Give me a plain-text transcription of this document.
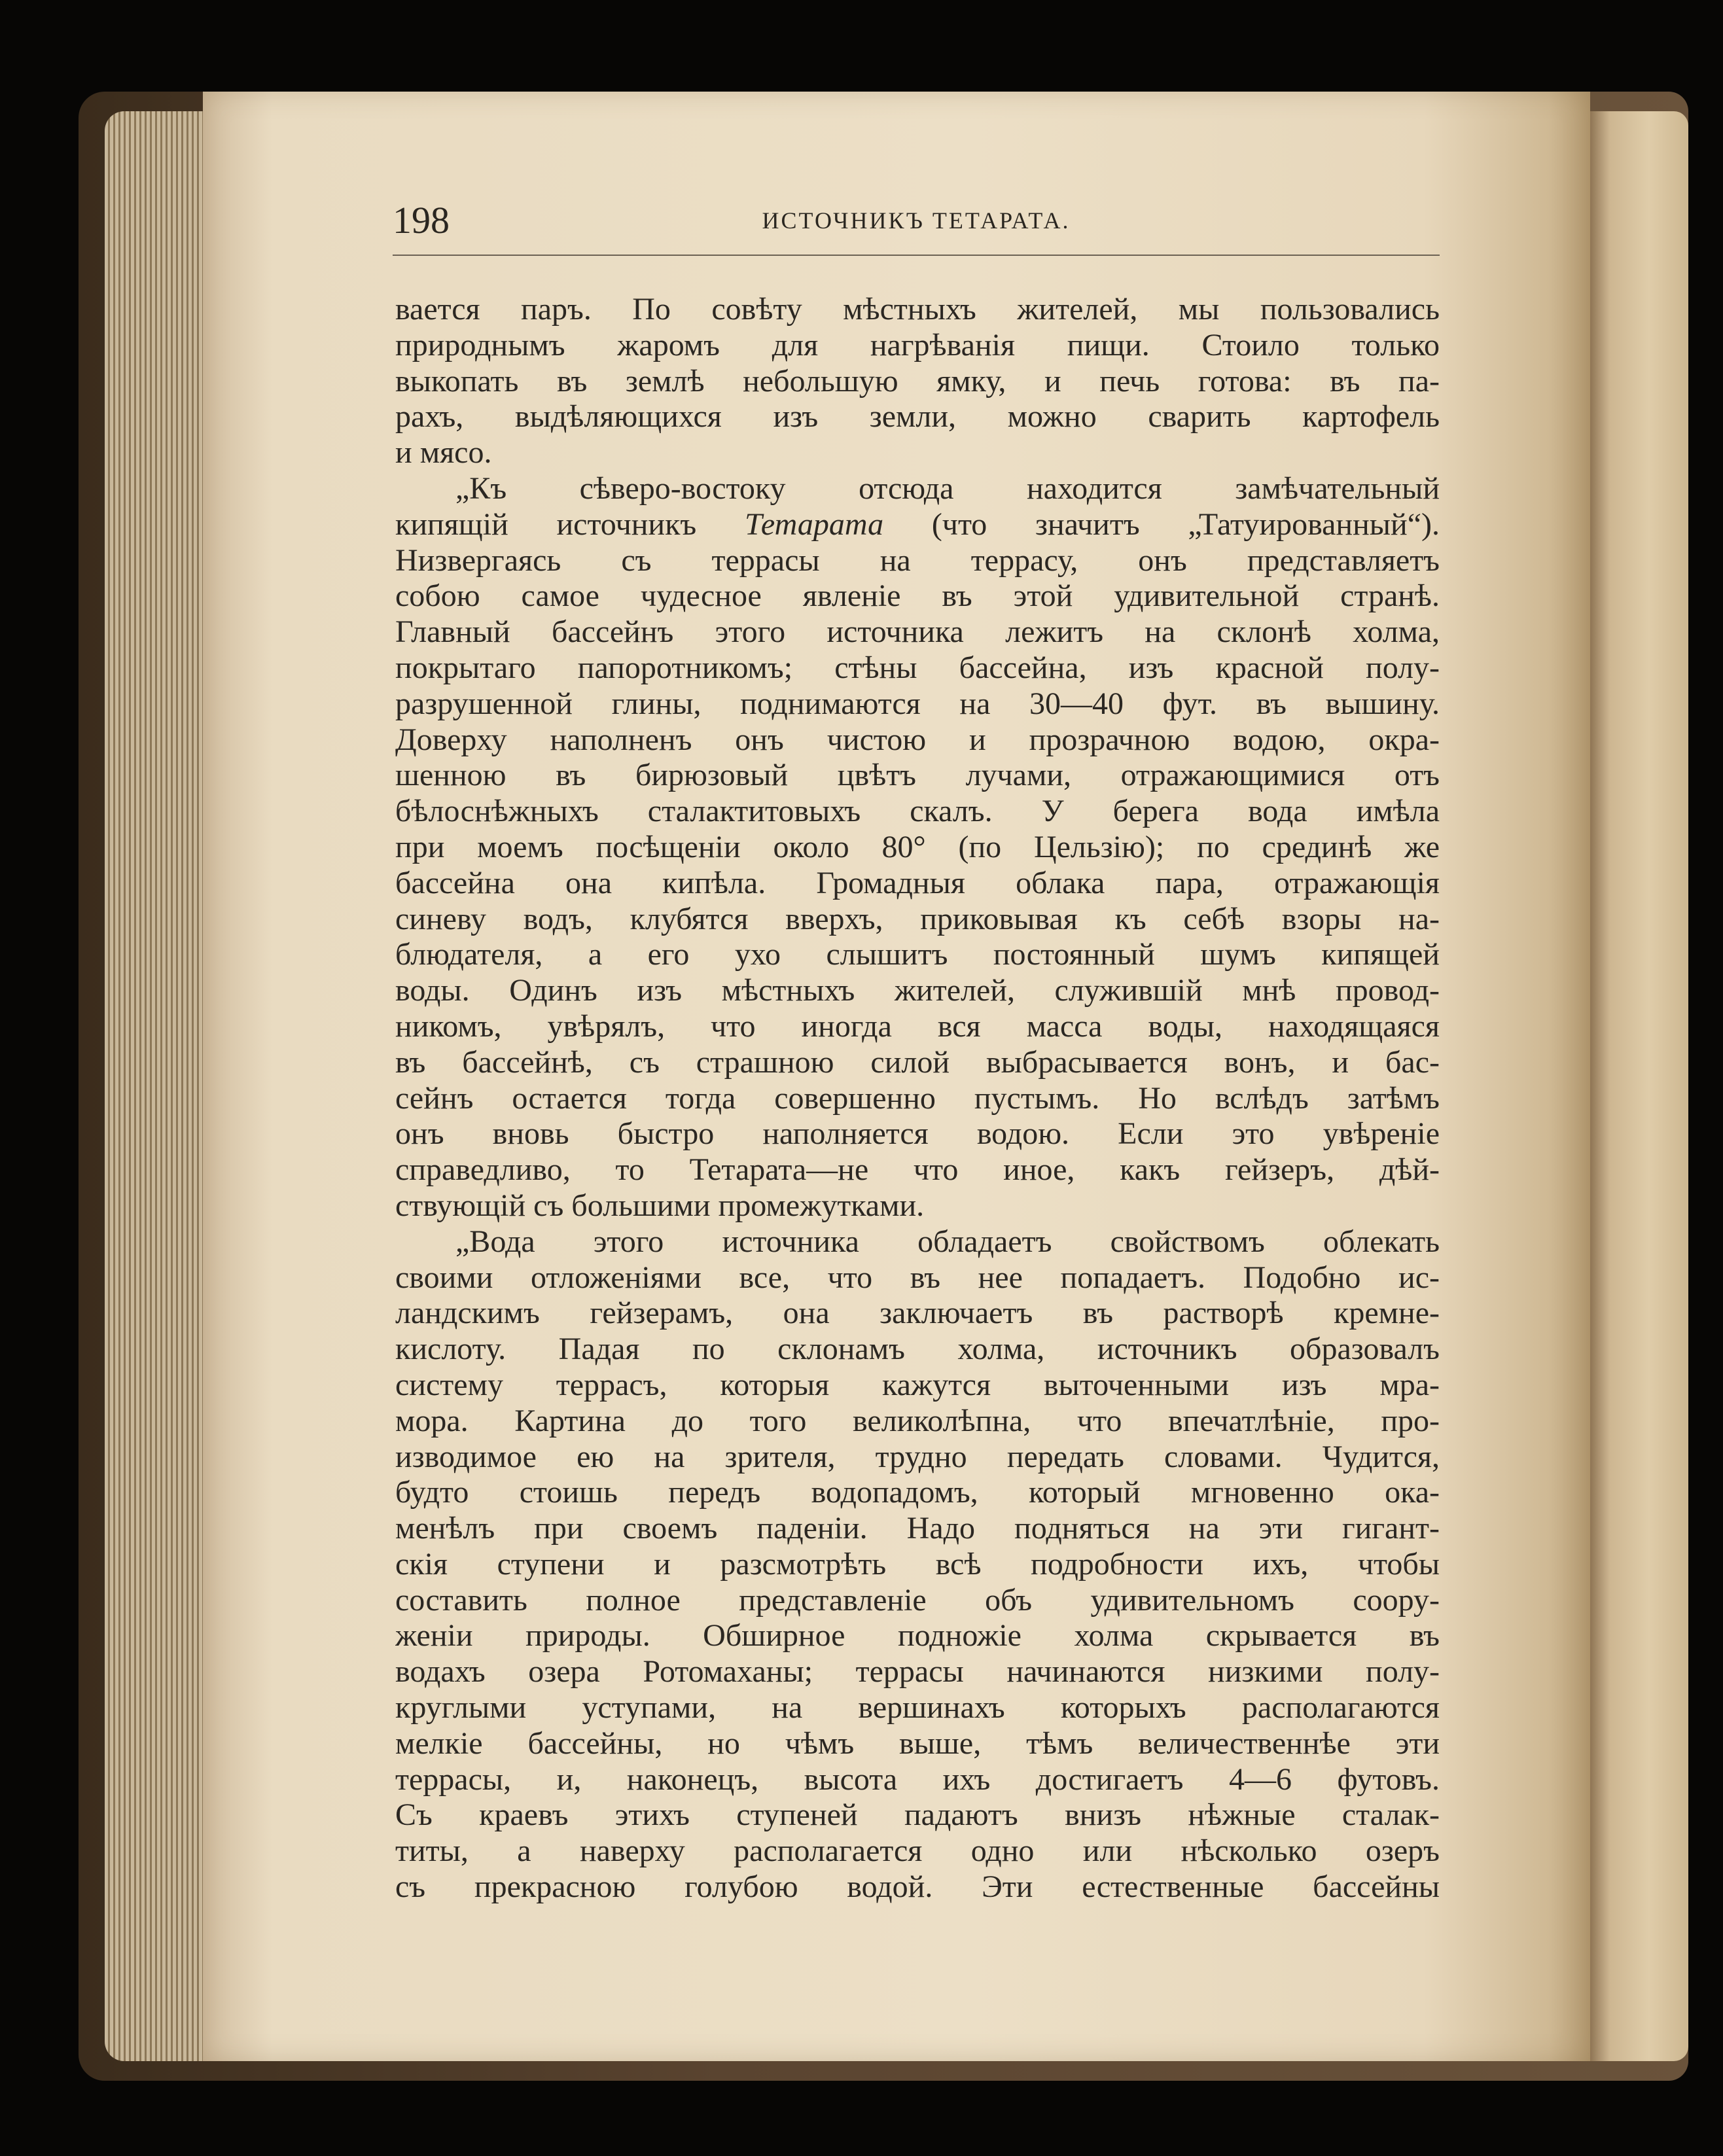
198	ИСТОЧНИКЪ ТЕТАРАТА.
вается паръ. По совѣту мѣстныхъ жителей, мы пользовались
природнымъ жаромъ для нагрѣванія пищи. Стоило только
выкопать въ землѣ небольшую ямку, и печь готова: въ па-
рахъ, выдѣляющихся изъ земли, можно сварить картофель
и мясо.
„Къ сѣверо-востоку отсюда находится замѣчательный
кипящій источникъ Тетарата (что значитъ „Татуированный“).
Низвергаясь съ террасы на террасу, онъ представляетъ
собою самое чудесное явленіе въ этой удивительной странѣ.
Главный бассейнъ этого источника лежитъ на склонѣ холма,
покрытаго папоротникомъ; стѣны бассейна, изъ красной полу-
разрушенной глины, поднимаются на 30—40 фут. въ вышину.
Доверху наполненъ онъ чистою и прозрачною водою, окра-
шенною въ бирюзовый цвѣтъ лучами, отражающимися отъ
бѣлоснѣжныхъ сталактитовыхъ скалъ. У берега вода имѣла
при моемъ посѣщеніи около 80° (по Цельзію); по срединѣ же
бассейна она кипѣла. Громадныя облака пара, отражающія
синеву водъ, клубятся вверхъ, приковывая къ себѣ взоры на-
блюдателя, а его ухо слышитъ постоянный шумъ кипящей
воды. Одинъ изъ мѣстныхъ жителей, служившій мнѣ провод-
никомъ, увѣрялъ, что иногда вся масса воды, находящаяся
въ бассейнѣ, съ страшною силой выбрасывается вонъ, и бас-
сейнъ остается тогда совершенно пустымъ. Но вслѣдъ затѣмъ
онъ вновь быстро наполняется водою. Если это увѣреніе
справедливо, то Тетарата—не что иное, какъ гейзеръ, дѣй-
ствующій съ большими промежутками.
„Вода этого источника обладаетъ свойствомъ облекать
своими отложеніями все, что въ нее попадаетъ. Подобно ис-
ландскимъ гейзерамъ, она заключаетъ въ растворѣ кремне-
кислоту. Падая по склонамъ холма, источникъ образовалъ
систему террасъ, которыя кажутся выточенными изъ мра-
мора. Картина до того великолѣпна, что впечатлѣніе, про-
изводимое ею на зрителя, трудно передать словами. Чудится,
будто стоишь передъ водопадомъ, который мгновенно ока-
менѣлъ при своемъ паденіи. Надо подняться на эти гигант-
скія ступени и разсмотрѣть всѣ подробности ихъ, чтобы
составить полное представленіе объ удивительномъ соору-
женіи природы. Обширное подножіе холма скрывается въ
водахъ озера Ротомаханы; террасы начинаются низкими полу-
круглыми уступами, на вершинахъ которыхъ располагаются
мелкіе бассейны, но чѣмъ выше, тѣмъ величественнѣе эти
террасы, и, наконецъ, высота ихъ достигаетъ 4—6 футовъ.
Съ краевъ этихъ ступеней падаютъ внизъ нѣжные сталак-
титы, а наверху располагается одно или нѣсколько озеръ
съ прекрасною голубою водой. Эти естественные бассейны
